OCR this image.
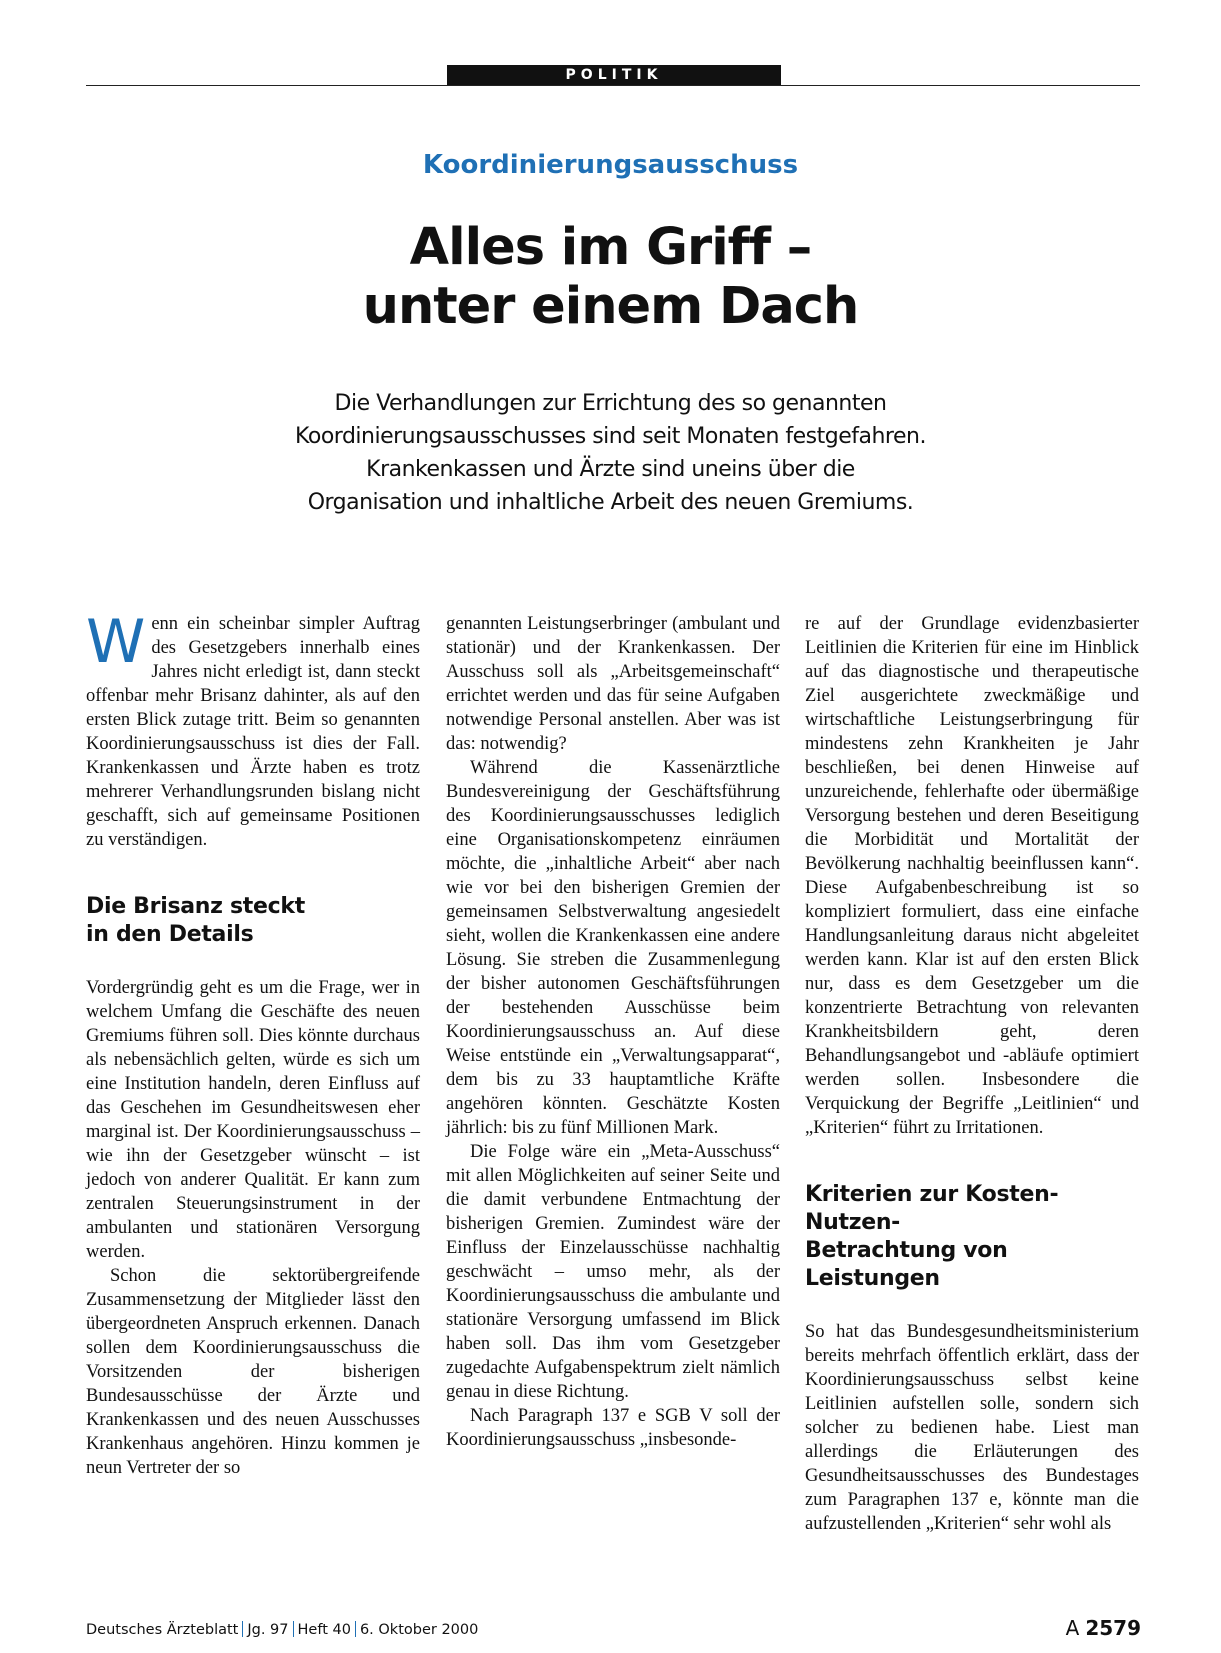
POLITIK
Koordinierungsausschuss
Alles im Griff –
unter einem Dach
Die Verhandlungen zur Errichtung des so genannten
Koordinierungsausschusses sind seit Monaten festgefahren.
Krankenkassen und Ärzte sind uneins über die
Organisation und inhaltliche Arbeit des neuen Gremiums.

Wenn ein scheinbar simpler Auftrag des Gesetzgebers innerhalb eines Jahres nicht erledigt ist, dann steckt offenbar mehr Brisanz dahinter, als auf den ersten Blick zutage tritt. Beim so genannten Koordinierungsausschuss ist dies der Fall. Krankenkassen und Ärzte haben es trotz mehrerer Verhandlungsrunden bislang nicht geschafft, sich auf gemeinsame Positionen zu verständigen.

Die Brisanz steckt
in den Details

Vordergründig geht es um die Frage, wer in welchem Umfang die Geschäfte des neuen Gremiums führen soll. Dies könnte durchaus als nebensächlich gelten, würde es sich um eine Institution handeln, deren Einfluss auf das Geschehen im Gesundheitswesen eher marginal ist. Der Koordinierungsausschuss – wie ihn der Gesetzgeber wünscht – ist jedoch von anderer Qualität. Er kann zum zentralen Steuerungsinstrument in der ambulanten und stationären Versorgung werden.

Schon die sektorübergreifende Zusammensetzung der Mitglieder lässt den übergeordneten Anspruch erkennen. Danach sollen dem Koordinierungsausschuss die Vorsitzenden der bisherigen Bundesausschüsse der Ärzte und Krankenkassen und des neuen Ausschusses Krankenhaus angehören. Hinzu kommen je neun Vertreter der so

genannten Leistungserbringer (ambulant und stationär) und der Krankenkassen. Der Ausschuss soll als „Arbeitsgemeinschaft“ errichtet werden und das für seine Aufgaben notwendige Personal anstellen. Aber was ist das: notwendig?

Während die Kassenärztliche Bundesvereinigung der Geschäftsführung des Koordinierungsausschusses lediglich eine Organisationskompetenz einräumen möchte, die „inhaltliche Arbeit“ aber nach wie vor bei den bisherigen Gremien der gemeinsamen Selbstverwaltung angesiedelt sieht, wollen die Krankenkassen eine andere Lösung. Sie streben die Zusammenlegung der bisher autonomen Geschäftsführungen der bestehenden Ausschüsse beim Koordinierungsausschuss an. Auf diese Weise entstünde ein „Verwaltungsapparat“, dem bis zu 33 hauptamtliche Kräfte angehören könnten. Geschätzte Kosten jährlich: bis zu fünf Millionen Mark.

Die Folge wäre ein „Meta-Ausschuss“ mit allen Möglichkeiten auf seiner Seite und die damit verbundene Entmachtung der bisherigen Gremien. Zumindest wäre der Einfluss der Einzelausschüsse nachhaltig geschwächt – umso mehr, als der Koordinierungsausschuss die ambulante und stationäre Versorgung umfassend im Blick haben soll. Das ihm vom Gesetzgeber zugedachte Aufgabenspektrum zielt nämlich genau in diese Richtung.

Nach Paragraph 137 e SGB V soll der Koordinierungsausschuss „insbesonde-

re auf der Grundlage evidenzbasierter Leitlinien die Kriterien für eine im Hinblick auf das diagnostische und therapeutische Ziel ausgerichtete zweckmäßige und wirtschaftliche Leistungserbringung für mindestens zehn Krankheiten je Jahr beschließen, bei denen Hinweise auf unzureichende, fehlerhafte oder übermäßige Versorgung bestehen und deren Beseitigung die Morbidität und Mortalität der Bevölkerung nachhaltig beeinflussen kann“. Diese Aufgabenbeschreibung ist so kompliziert formuliert, dass eine einfache Handlungsanleitung daraus nicht abgeleitet werden kann. Klar ist auf den ersten Blick nur, dass es dem Gesetzgeber um die konzentrierte Betrachtung von relevanten Krankheitsbildern geht, deren Behandlungsangebot und -abläufe optimiert werden sollen. Insbesondere die Verquickung der Begriffe „Leitlinien“ und „Kriterien“ führt zu Irritationen.

Kriterien zur Kosten-Nutzen-
Betrachtung von Leistungen

So hat das Bundesgesundheitsministerium bereits mehrfach öffentlich erklärt, dass der Koordinierungsausschuss selbst keine Leitlinien aufstellen solle, sondern sich solcher zu bedienen habe. Liest man allerdings die Erläuterungen des Gesundheitsausschusses des Bundestages zum Paragraphen 137 e, könnte man die aufzustellenden „Kriterien“ sehr wohl als

Deutsches Ärzteblatt Jg. 97 Heft 40 6. Oktober 2000	A 2579
